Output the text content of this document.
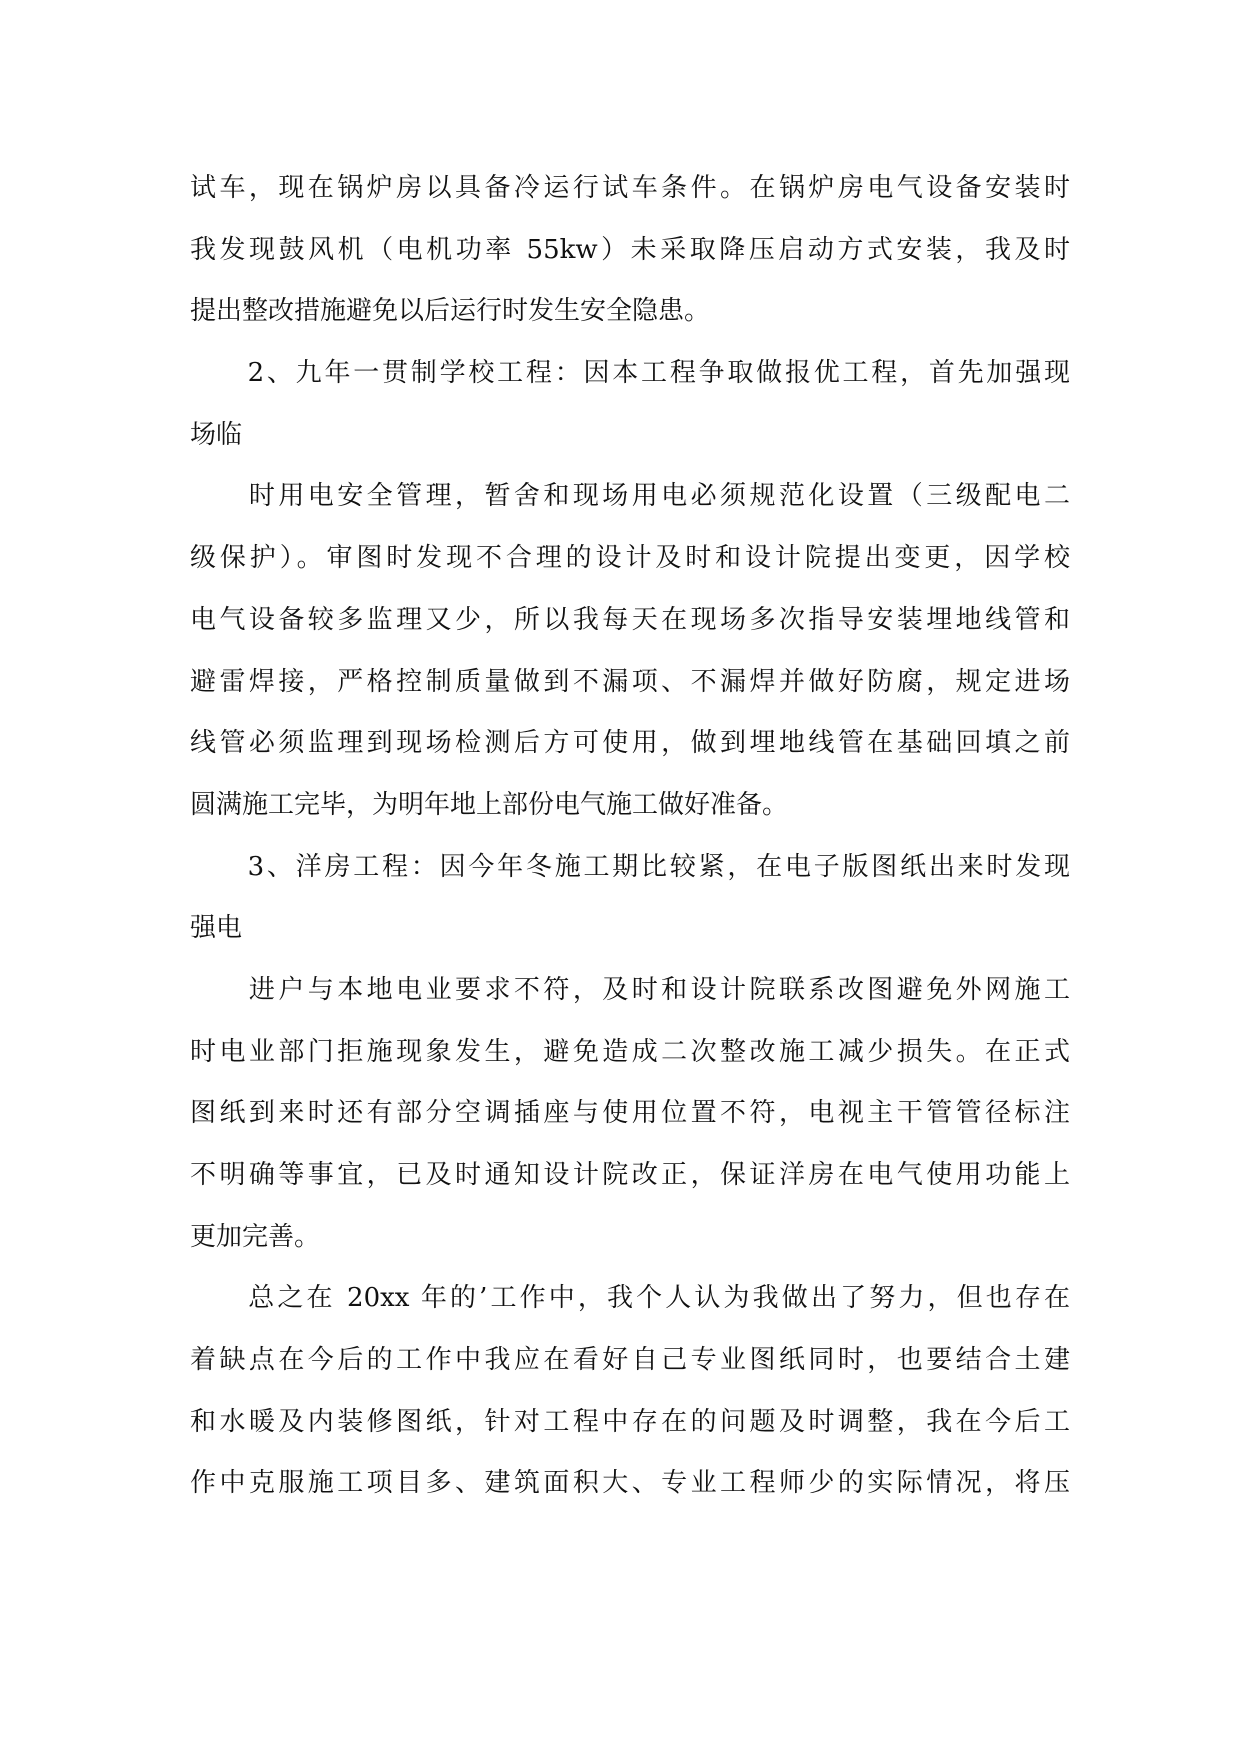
试车，现在锅炉房以具备冷运行试车条件。在锅炉房电气设备安装时
我发现鼓风机（电机功率 55kw）未采取降压启动方式安装，我及时
提出整改措施避免以后运行时发生安全隐患。
　　2、九年一贯制学校工程：因本工程争取做报优工程，首先加强现
场临
　　时用电安全管理，暂舍和现场用电必须规范化设置（三级配电二
级保护）。审图时发现不合理的设计及时和设计院提出变更，因学校
电气设备较多监理又少，所以我每天在现场多次指导安装埋地线管和
避雷焊接，严格控制质量做到不漏项、不漏焊并做好防腐，规定进场
线管必须监理到现场检测后方可使用，做到埋地线管在基础回填之前
圆满施工完毕，为明年地上部份电气施工做好准备。
　　3、洋房工程：因今年冬施工期比较紧，在电子版图纸出来时发现
强电
　　进户与本地电业要求不符，及时和设计院联系改图避免外网施工
时电业部门拒施现象发生，避免造成二次整改施工减少损失。在正式
图纸到来时还有部分空调插座与使用位置不符，电视主干管管径标注
不明确等事宜，已及时通知设计院改正，保证洋房在电气使用功能上
更加完善。
　　总之在 20xx 年的’工作中，我个人认为我做出了努力，但也存在
着缺点在今后的工作中我应在看好自己专业图纸同时，也要结合土建
和水暖及内装修图纸，针对工程中存在的问题及时调整，我在今后工
作中克服施工项目多、建筑面积大、专业工程师少的实际情况，将压
